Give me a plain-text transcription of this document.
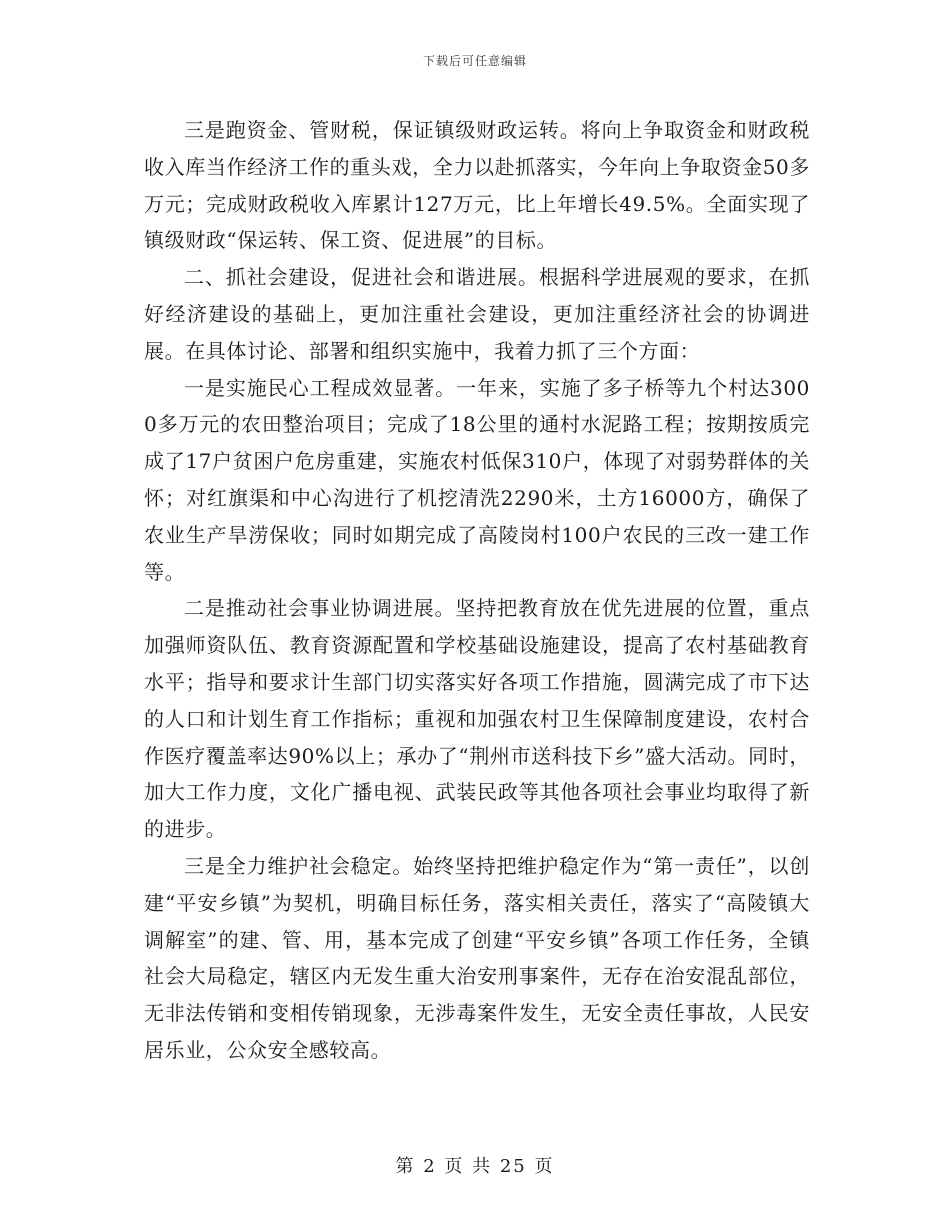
下载后可任意编辑

三是跑资金、管财税，保证镇级财政运转。将向上争取资金和财政税收入库当作经济工作的重头戏，全力以赴抓落实，今年向上争取资金50多万元；完成财政税收入库累计127万元，比上年增长49.5%。全面实现了镇级财政“保运转、保工资、促进展”的目标。

二、抓社会建设，促进社会和谐进展。根据科学进展观的要求，在抓好经济建设的基础上，更加注重社会建设，更加注重经济社会的协调进展。在具体讨论、部署和组织实施中，我着力抓了三个方面：

一是实施民心工程成效显著。一年来，实施了多子桥等九个村达3000多万元的农田整治项目；完成了18公里的通村水泥路工程；按期按质完成了17户贫困户危房重建，实施农村低保310户，体现了对弱势群体的关怀；对红旗渠和中心沟进行了机挖清洗2290米，土方16000方，确保了农业生产旱涝保收；同时如期完成了高陵岗村100户农民的三改一建工作等。

二是推动社会事业协调进展。坚持把教育放在优先进展的位置，重点加强师资队伍、教育资源配置和学校基础设施建设，提高了农村基础教育水平；指导和要求计生部门切实落实好各项工作措施，圆满完成了市下达的人口和计划生育工作指标；重视和加强农村卫生保障制度建设，农村合作医疗覆盖率达90%以上；承办了“荆州市送科技下乡”盛大活动。同时，加大工作力度，文化广播电视、武装民政等其他各项社会事业均取得了新的进步。

三是全力维护社会稳定。始终坚持把维护稳定作为“第一责任”，以创建“平安乡镇”为契机，明确目标任务，落实相关责任，落实了“高陵镇大调解室”的建、管、用，基本完成了创建“平安乡镇”各项工作任务，全镇社会大局稳定，辖区内无发生重大治安刑事案件，无存在治安混乱部位，无非法传销和变相传销现象，无涉毒案件发生，无安全责任事故，人民安居乐业，公众安全感较高。

第 2 页 共 25 页
